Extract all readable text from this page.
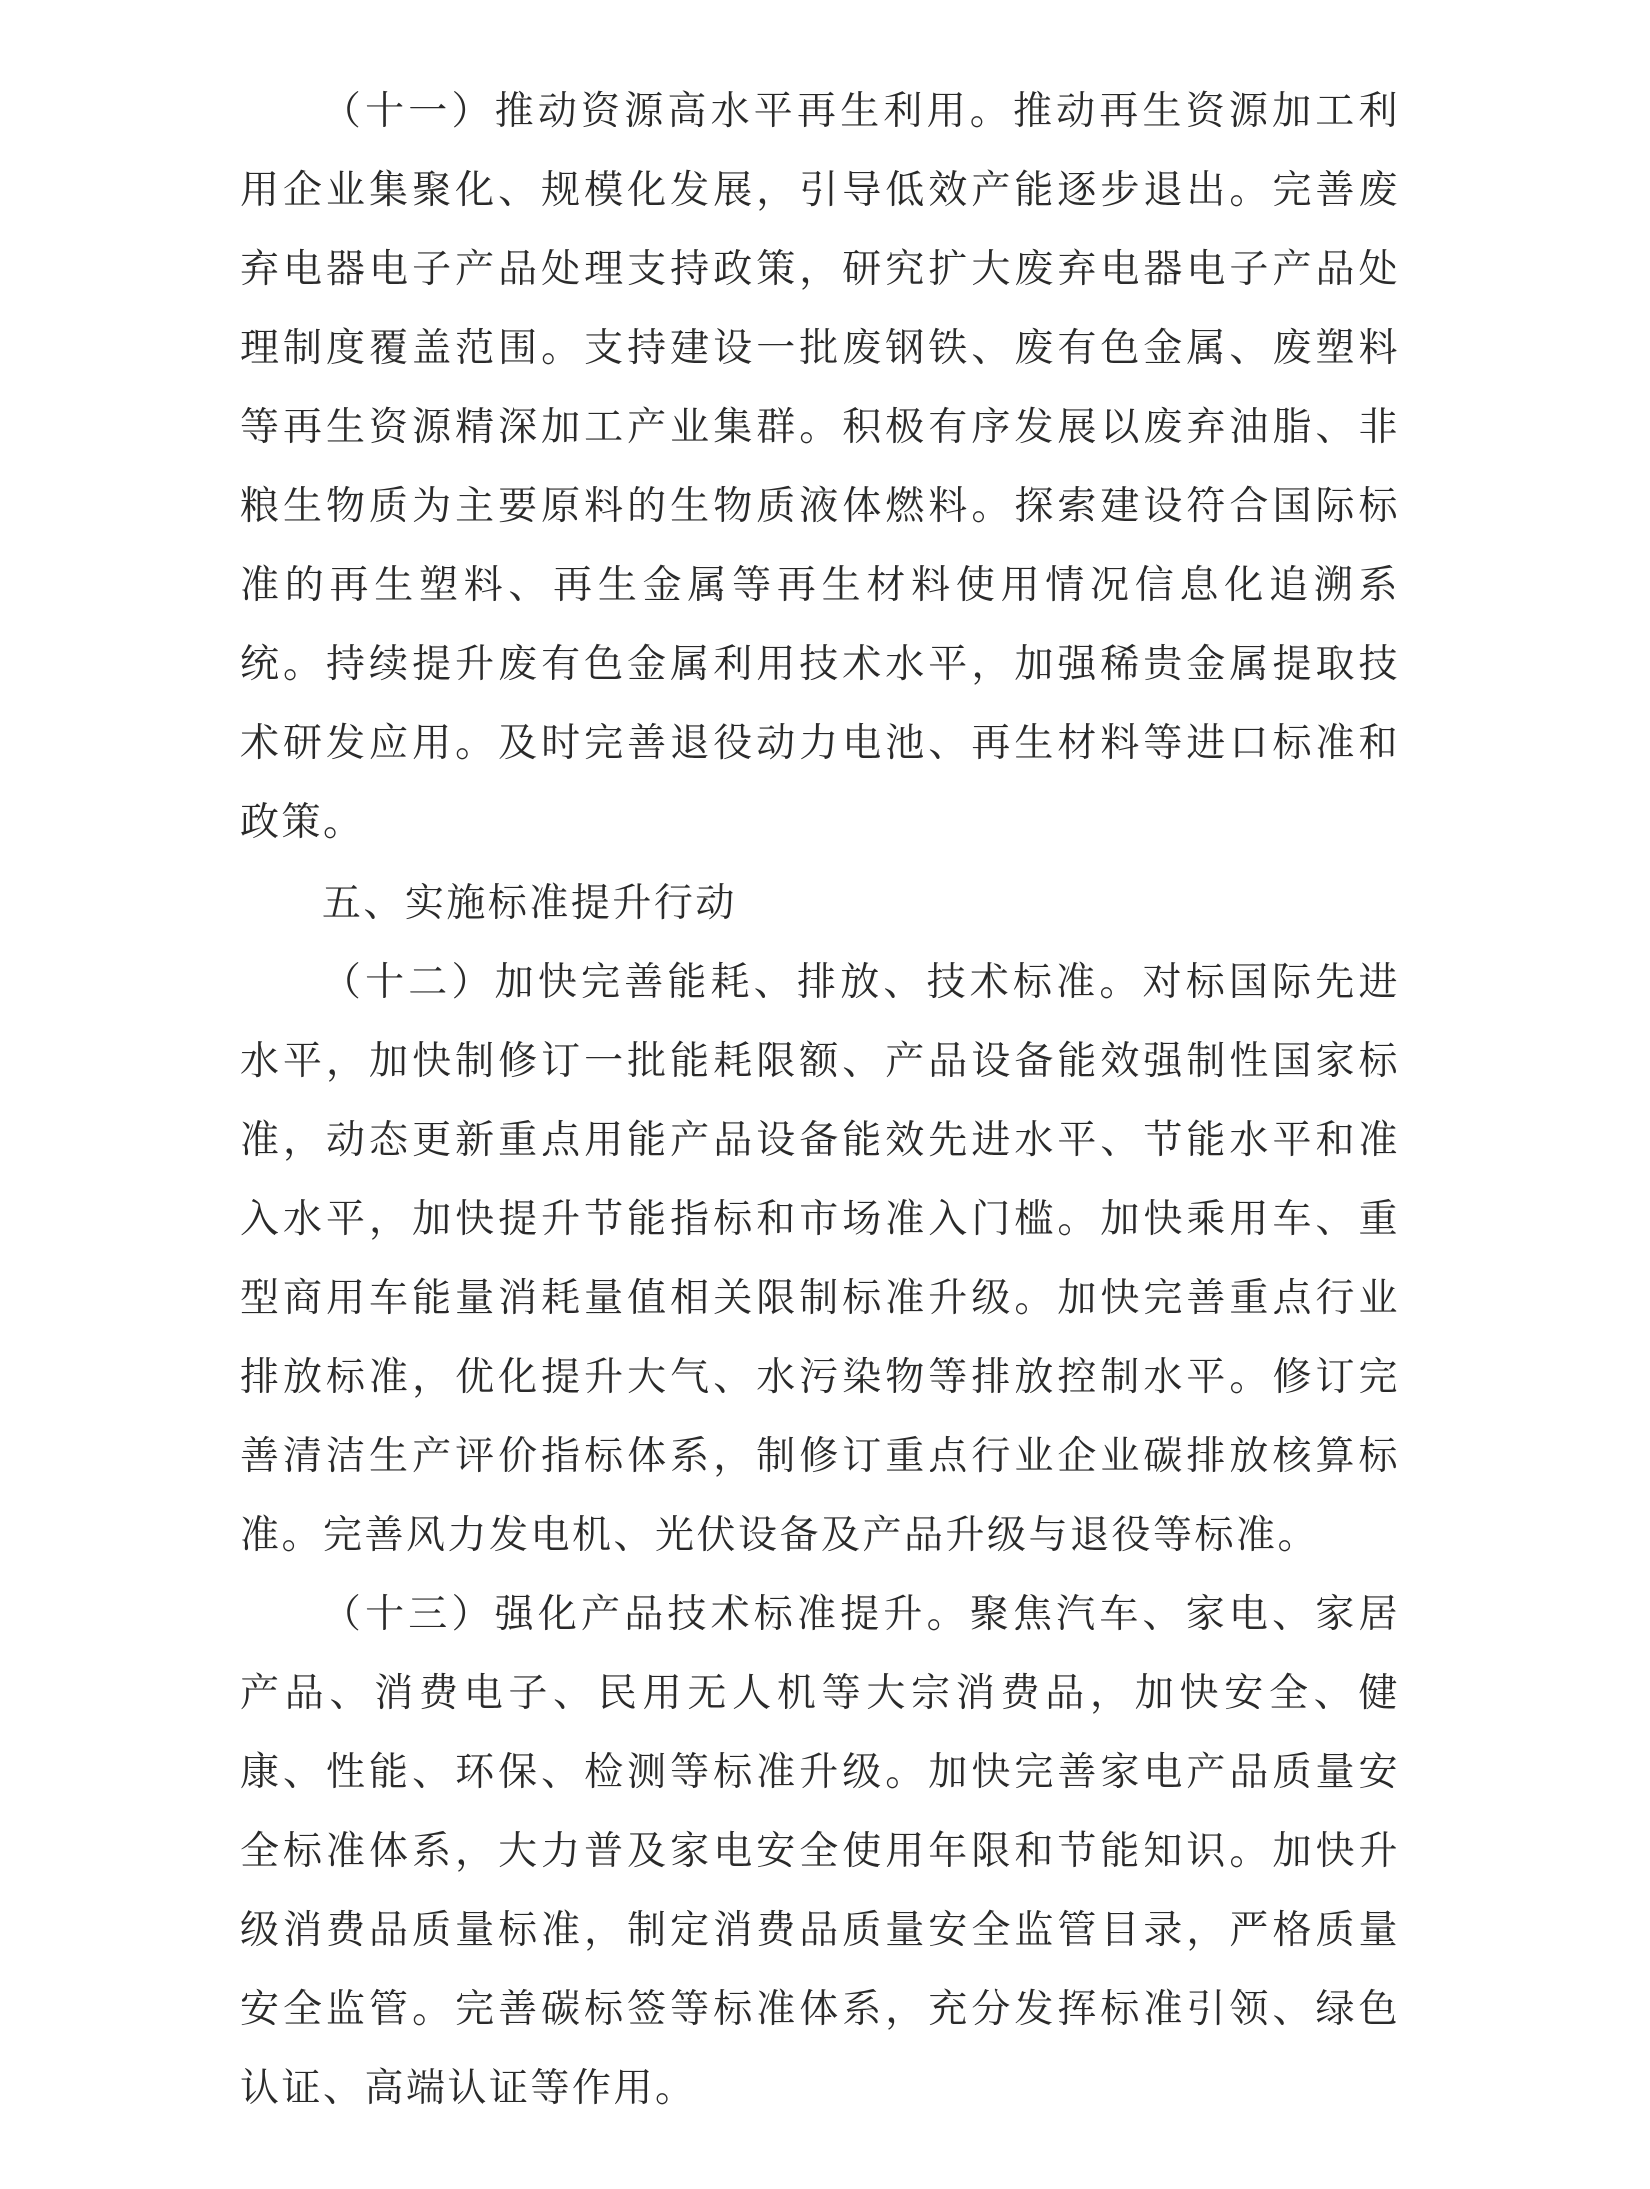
（十一）推动资源高水平再生利用。推动再生资源加工利用企业集聚化、规模化发展，引导低效产能逐步退出。完善废弃电器电子产品处理支持政策，研究扩大废弃电器电子产品处理制度覆盖范围。支持建设一批废钢铁、废有色金属、废塑料等再生资源精深加工产业集群。积极有序发展以废弃油脂、非粮生物质为主要原料的生物质液体燃料。探索建设符合国际标准的再生塑料、再生金属等再生材料使用情况信息化追溯系统。持续提升废有色金属利用技术水平，加强稀贵金属提取技术研发应用。及时完善退役动力电池、再生材料等进口标准和政策。

五、实施标准提升行动

（十二）加快完善能耗、排放、技术标准。对标国际先进水平，加快制修订一批能耗限额、产品设备能效强制性国家标准，动态更新重点用能产品设备能效先进水平、节能水平和准入水平，加快提升节能指标和市场准入门槛。加快乘用车、重型商用车能量消耗量值相关限制标准升级。加快完善重点行业排放标准，优化提升大气、水污染物等排放控制水平。修订完善清洁生产评价指标体系，制修订重点行业企业碳排放核算标准。完善风力发电机、光伏设备及产品升级与退役等标准。

（十三）强化产品技术标准提升。聚焦汽车、家电、家居产品、消费电子、民用无人机等大宗消费品，加快安全、健康、性能、环保、检测等标准升级。加快完善家电产品质量安全标准体系，大力普及家电安全使用年限和节能知识。加快升级消费品质量标准，制定消费品质量安全监管目录，严格质量安全监管。完善碳标签等标准体系，充分发挥标准引领、绿色认证、高端认证等作用。
